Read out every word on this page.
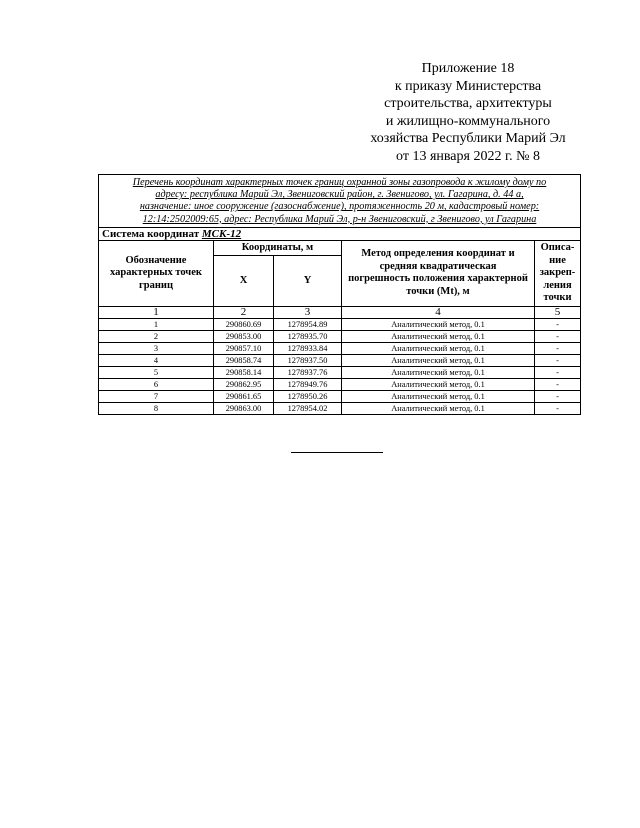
Приложение 18
к приказу Министерства
строительства, архитектуры
и жилищно-коммунального
хозяйства Республики Марий Эл
от 13 января 2022 г. № 8
Перечень координат характерных точек границ охранной зоны газопровода к жилому дому по
адресу: республика Марий Эл, Звениговский район, г. Звенигово, ул. Гагарина, д. 44 а,
назначение: иное сооружение (газоснабжение), протяженность 20 м, кадастровый номер:
12:14:2502009:65, адрес: Республика Марий Эл, р-н Звениговский, г Звенигово, ул Гагарина				

Система координат МСК-12				
Обозначение характерных точек границ	Координаты, м		Метод определения координат и средняя квадратическая погрешность положения характерной точки (Mt), м	Описа-ние закреп-ления точки
	X	Y		
1	2	3	4	5
1	290860.69	1278954.89	Аналитический метод, 0.1	-
2	290853.00	1278935.70	Аналитический метод, 0.1	-
3	290857.10	1278933.84	Аналитический метод, 0.1	-
4	290858.74	1278937.50	Аналитический метод, 0.1	-
5	290858.14	1278937.76	Аналитический метод, 0.1	-
6	290862.95	1278949.76	Аналитический метод, 0.1	-
7	290861.65	1278950.26	Аналитический метод, 0.1	-
8	290863.00	1278954.02	Аналитический метод, 0.1	-
